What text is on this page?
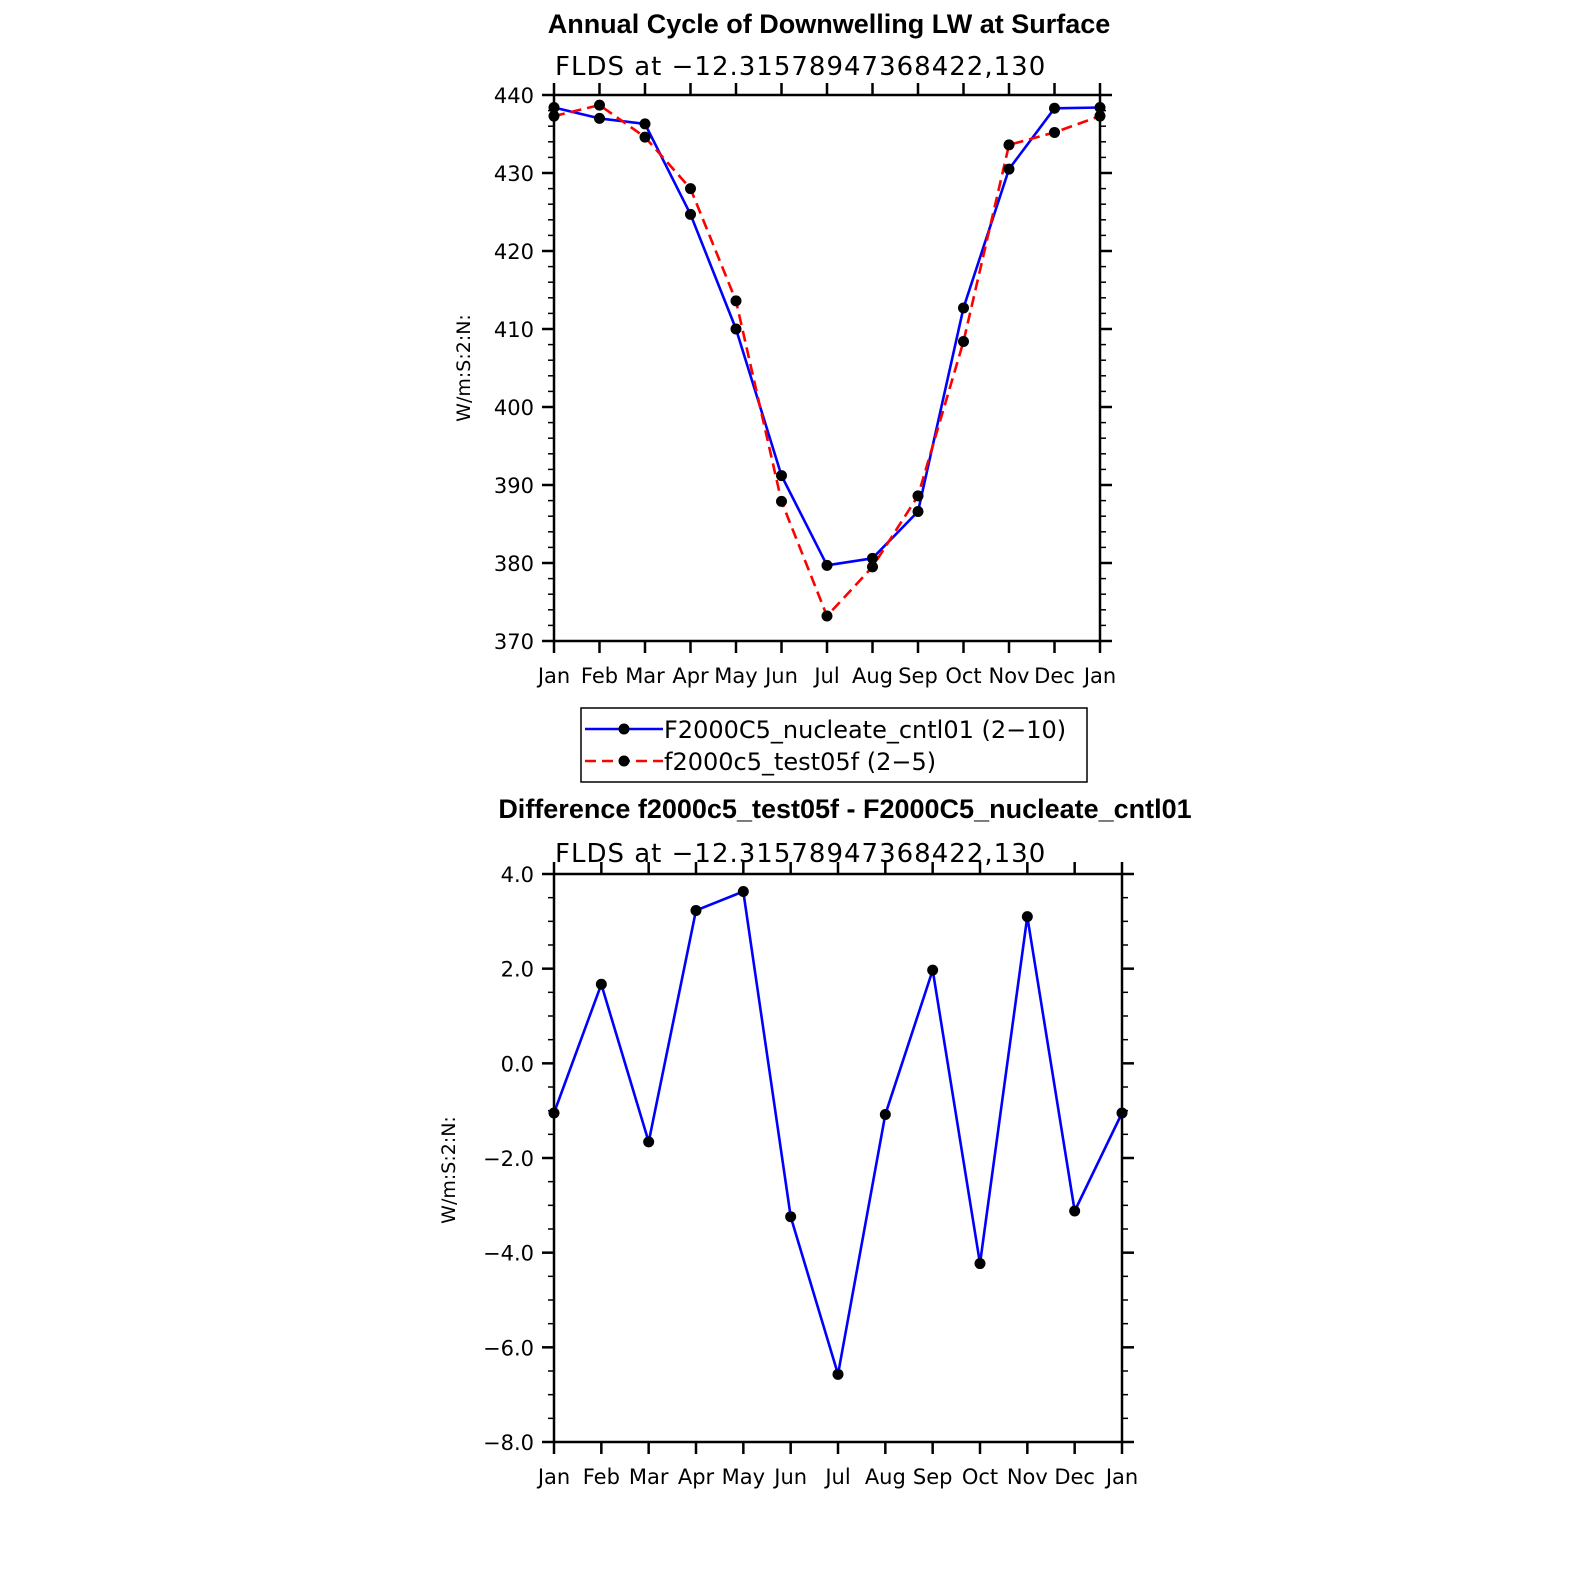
Annual Cycle of Downwelling LW at Surface
FLDS at −12.31578947368422,130
W/m:S:2:N:
370
380
390
400
410
420
430
440
Jan Feb Mar Apr May Jun Jul Aug Sep Oct Nov Dec Jan
F2000C5_nucleate_cntl01 (2−10)
f2000c5_test05f (2−5)
Difference f2000c5_test05f - F2000C5_nucleate_cntl01
FLDS at −12.31578947368422,130
W/m:S:2:N:
−8.0
−6.0
−4.0
−2.0
0.0
2.0
4.0
Jan Feb Mar Apr May Jun Jul Aug Sep Oct Nov Dec Jan
